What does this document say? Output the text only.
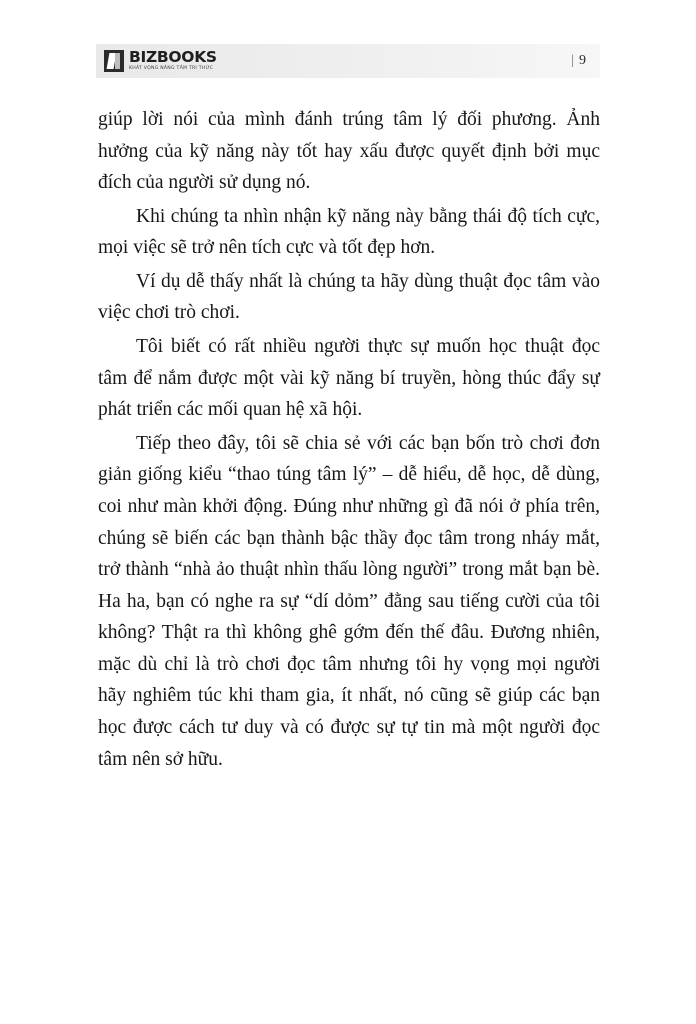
BIZBOOKS
KHÁT VỌNG NÂNG TẦM TRI THỨC
| 9

giúp lời nói của mình đánh trúng tâm lý đối phương. Ảnh hưởng của kỹ năng này tốt hay xấu được quyết định bởi mục đích của người sử dụng nó.

Khi chúng ta nhìn nhận kỹ năng này bằng thái độ tích cực, mọi việc sẽ trở nên tích cực và tốt đẹp hơn.

Ví dụ dễ thấy nhất là chúng ta hãy dùng thuật đọc tâm vào việc chơi trò chơi.

Tôi biết có rất nhiều người thực sự muốn học thuật đọc tâm để nắm được một vài kỹ năng bí truyền, hòng thúc đẩy sự phát triển các mối quan hệ xã hội.

Tiếp theo đây, tôi sẽ chia sẻ với các bạn bốn trò chơi đơn giản giống kiểu “thao túng tâm lý” – dễ hiểu, dễ học, dễ dùng, coi như màn khởi động. Đúng như những gì đã nói ở phía trên, chúng sẽ biến các bạn thành bậc thầy đọc tâm trong nháy mắt, trở thành “nhà ảo thuật nhìn thấu lòng người” trong mắt bạn bè. Ha ha, bạn có nghe ra sự “dí dỏm” đằng sau tiếng cười của tôi không? Thật ra thì không ghê gớm đến thế đâu. Đương nhiên, mặc dù chỉ là trò chơi đọc tâm nhưng tôi hy vọng mọi người hãy nghiêm túc khi tham gia, ít nhất, nó cũng sẽ giúp các bạn học được cách tư duy và có được sự tự tin mà một người đọc tâm nên sở hữu.
